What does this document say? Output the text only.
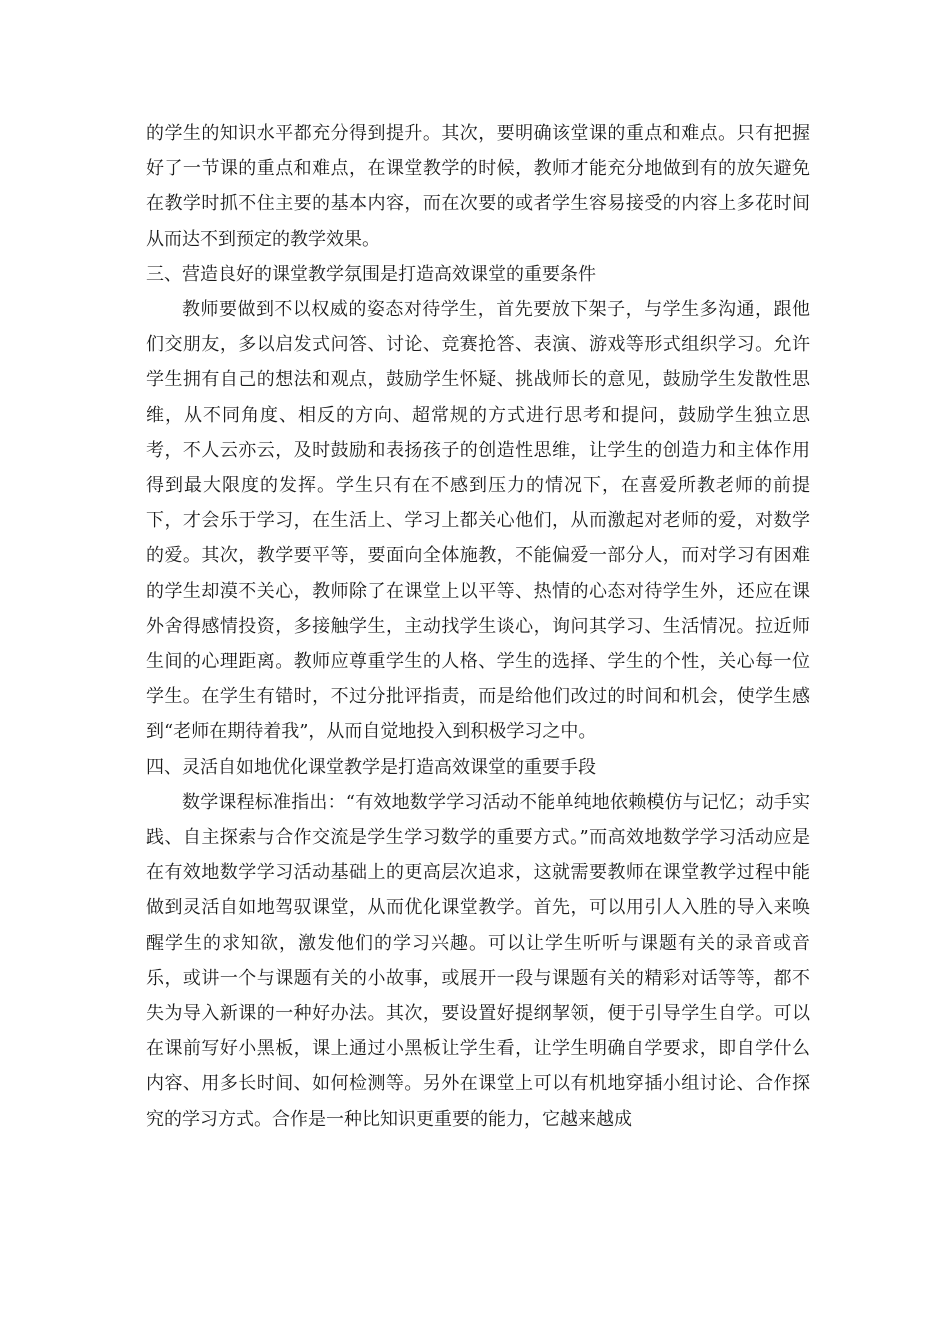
的学生的知识水平都充分得到提升。其次，要明确该堂课的重点和难点。只有把握好了一节课的重点和难点，在课堂教学的时候，教师才能充分地做到有的放矢避免在教学时抓不住主要的基本内容，而在次要的或者学生容易接受的内容上多花时间从而达不到预定的教学效果。

三、营造良好的课堂教学氛围是打造高效课堂的重要条件

教师要做到不以权威的姿态对待学生，首先要放下架子，与学生多沟通，跟他们交朋友，多以启发式问答、讨论、竞赛抢答、表演、游戏等形式组织学习。允许学生拥有自己的想法和观点，鼓励学生怀疑、挑战师长的意见，鼓励学生发散性思维，从不同角度、相反的方向、超常规的方式进行思考和提问，鼓励学生独立思考，不人云亦云，及时鼓励和表扬孩子的创造性思维，让学生的创造力和主体作用得到最大限度的发挥。学生只有在不感到压力的情况下，在喜爱所教老师的前提下，才会乐于学习，在生活上、学习上都关心他们，从而激起对老师的爱，对数学的爱。其次，教学要平等，要面向全体施教，不能偏爱一部分人，而对学习有困难的学生却漠不关心，教师除了在课堂上以平等、热情的心态对待学生外，还应在课外舍得感情投资，多接触学生，主动找学生谈心，询问其学习、生活情况。拉近师生间的心理距离。教师应尊重学生的人格、学生的选择、学生的个性，关心每一位学生。在学生有错时，不过分批评指责，而是给他们改过的时间和机会，使学生感到“老师在期待着我”，从而自觉地投入到积极学习之中。

四、灵活自如地优化课堂教学是打造高效课堂的重要手段

数学课程标准指出：“有效地数学学习活动不能单纯地依赖模仿与记忆；动手实践、自主探索与合作交流是学生学习数学的重要方式。”而高效地数学学习活动应是在有效地数学学习活动基础上的更高层次追求，这就需要教师在课堂教学过程中能做到灵活自如地驾驭课堂，从而优化课堂教学。首先，可以用引人入胜的导入来唤醒学生的求知欲，激发他们的学习兴趣。可以让学生听听与课题有关的录音或音乐，或讲一个与课题有关的小故事，或展开一段与课题有关的精彩对话等等，都不失为导入新课的一种好办法。其次，要设置好提纲挈领，便于引导学生自学。可以在课前写好小黑板，课上通过小黑板让学生看，让学生明确自学要求，即自学什么内容、用多长时间、如何检测等。另外在课堂上可以有机地穿插小组讨论、合作探究的学习方式。合作是一种比知识更重要的能力，它越来越成
